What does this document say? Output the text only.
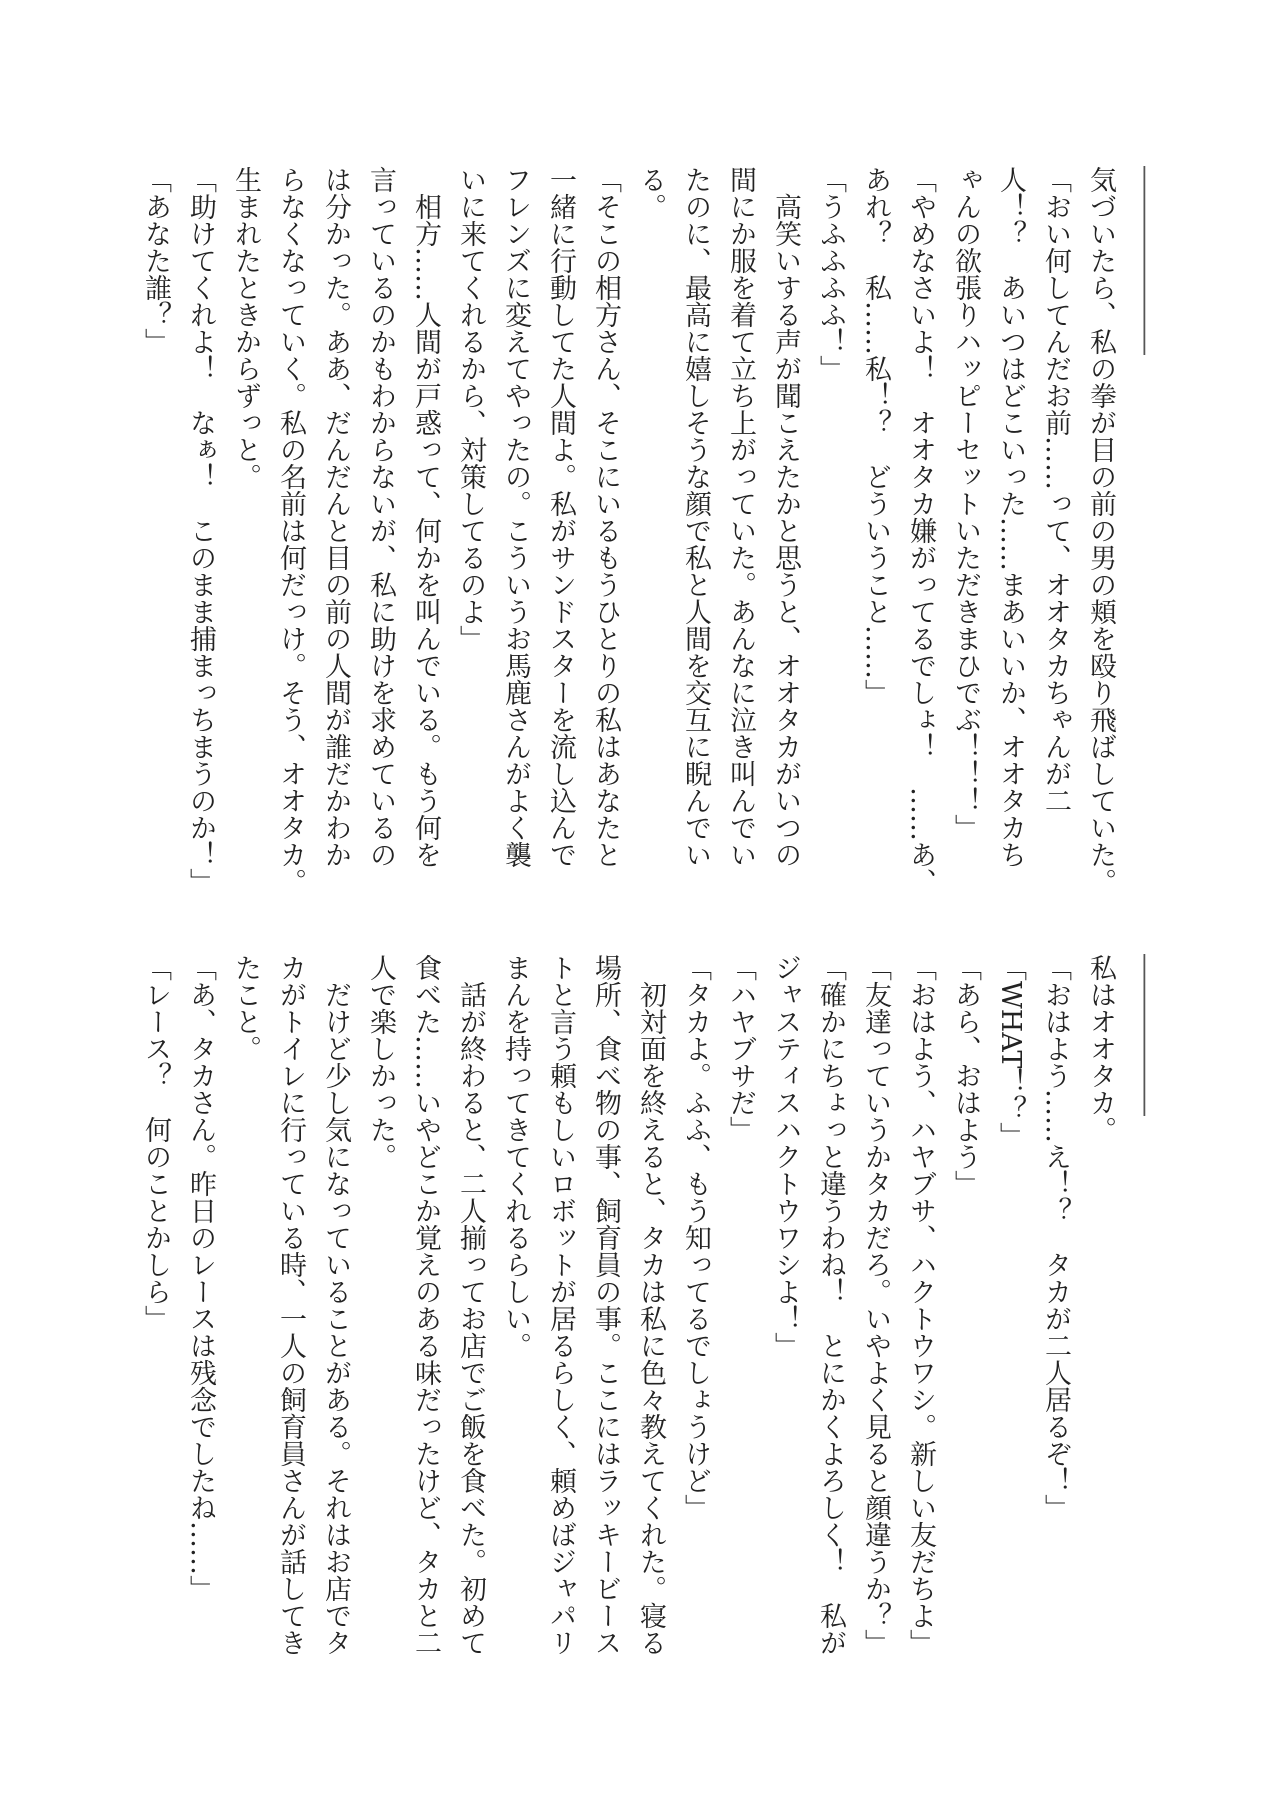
―――――――

気づいたら、私の拳が目の前の男の頬を殴り飛ばしていた。

「おい何してんだお前……って、オオタカちゃんが二

人！？　あいつはどこいった……まあいいか、オオタカち

ゃんの欲張りハッピーセットいただきまひでぶ！！！」

「やめなさいよ！　オオタカ嫌がってるでしょ！　……あ、

あれ？　私……私！？　どういうこと……」

「うふふふふ！」

　高笑いする声が聞こえたかと思うと、オオタカがいつの

間にか服を着て立ち上がっていた。あんなに泣き叫んでい

たのに、最高に嬉しそうな顔で私と人間を交互に睨んでい

る。

「そこの相方さん、そこにいるもうひとりの私はあなたと

一緒に行動してた人間よ。私がサンドスターを流し込んで

フレンズに変えてやったの。こういうお馬鹿さんがよく襲

いに来てくれるから、対策してるのよ」

　相方……人間が戸惑って、何かを叫んでいる。もう何を

言っているのかもわからないが、私に助けを求めているの

は分かった。ああ、だんだんと目の前の人間が誰だかわか

らなくなっていく。私の名前は何だっけ。そう、オオタカ。

生まれたときからずっと。

「助けてくれよ！　なぁ！　このまま捕まっちまうのか！」

「あなた誰？」

――――――

私はオオタカ。

「おはよう……え！？　タカが二人居るぞ！」

「WHAT！？」

「あら、おはよう」

「おはよう、ハヤブサ、ハクトウワシ。新しい友だちよ」

「友達っていうかタカだろ。いやよく見ると顔違うか？」

「確かにちょっと違うわね！　とにかくよろしく！　私が

ジャスティスハクトウワシよ！」

「ハヤブサだ」

「タカよ。ふふ、もう知ってるでしょうけど」

　初対面を終えると、タカは私に色々教えてくれた。寝る

場所、食べ物の事、飼育員の事。ここにはラッキービース

トと言う頼もしいロボットが居るらしく、頼めばジャパリ

まんを持ってきてくれるらしい。

　話が終わると、二人揃ってお店でご飯を食べた。初めて

食べた……いやどこか覚えのある味だったけど、タカと二

人で楽しかった。

　だけど少し気になっていることがある。それはお店でタ

カがトイレに行っている時、一人の飼育員さんが話してき

たこと。

「あ、タカさん。昨日のレースは残念でしたね……」

「レース？　何のことかしら」
